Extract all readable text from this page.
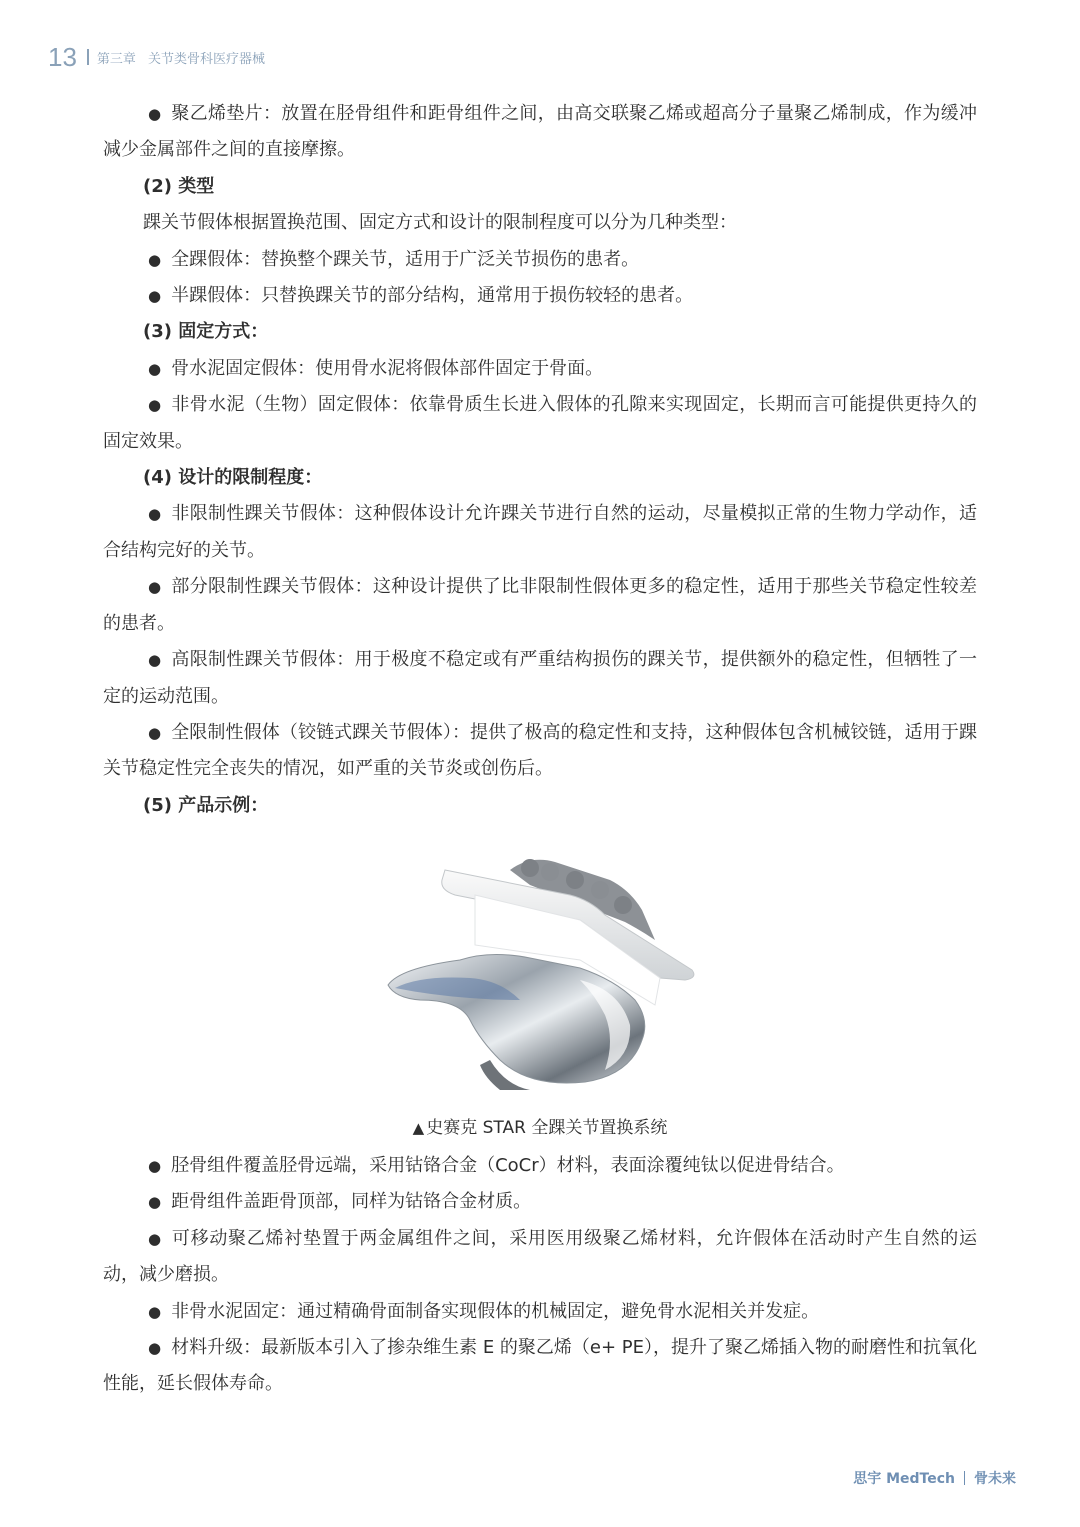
13 第三章 关节类骨科医疗器械

● 聚乙烯垫片：放置在胫骨组件和距骨组件之间，由高交联聚乙烯或超高分子量聚乙烯制成，作为缓冲减少金属部件之间的直接摩擦。

(2) 类型

踝关节假体根据置换范围、固定方式和设计的限制程度可以分为几种类型：

● 全踝假体：替换整个踝关节，适用于广泛关节损伤的患者。

● 半踝假体：只替换踝关节的部分结构，通常用于损伤较轻的患者。

(3) 固定方式：

● 骨水泥固定假体：使用骨水泥将假体部件固定于骨面。

● 非骨水泥（生物）固定假体：依靠骨质生长进入假体的孔隙来实现固定，长期而言可能提供更持久的固定效果。

(4) 设计的限制程度：

● 非限制性踝关节假体：这种假体设计允许踝关节进行自然的运动，尽量模拟正常的生物力学动作，适合结构完好的关节。

● 部分限制性踝关节假体：这种设计提供了比非限制性假体更多的稳定性，适用于那些关节稳定性较差的患者。

● 高限制性踝关节假体：用于极度不稳定或有严重结构损伤的踝关节，提供额外的稳定性，但牺牲了一定的运动范围。

● 全限制性假体（铰链式踝关节假体）：提供了极高的稳定性和支持，这种假体包含机械铰链，适用于踝关节稳定性完全丧失的情况，如严重的关节炎或创伤后。

(5) 产品示例：

▲ 史赛克 STAR 全踝关节置换系统

● 胫骨组件覆盖胫骨远端，采用钴铬合金（CoCr）材料，表面涂覆纯钛以促进骨结合。

● 距骨组件盖距骨顶部，同样为钴铬合金材质。

● 可移动聚乙烯衬垫置于两金属组件之间，采用医用级聚乙烯材料，允许假体在活动时产生自然的运动，减少磨损。

● 非骨水泥固定：通过精确骨面制备实现假体的机械固定，避免骨水泥相关并发症。

● 材料升级：最新版本引入了掺杂维生素 E 的聚乙烯（e+ PE），提升了聚乙烯插入物的耐磨性和抗氧化性能，延长假体寿命。

思宇 MedTech 骨未来
